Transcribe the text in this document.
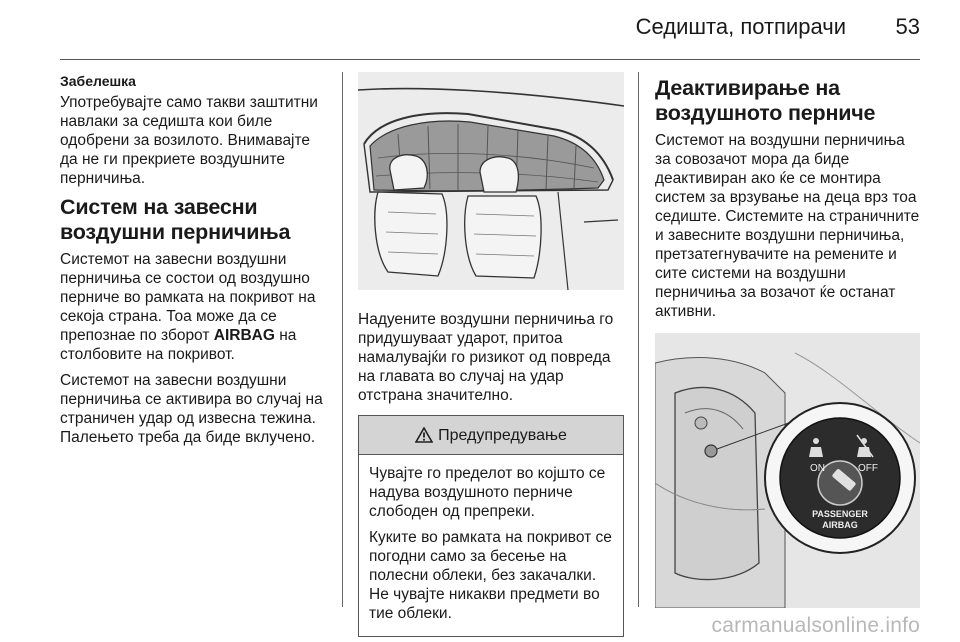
Седишта, потпирачи 53
Забелешка

Употребувајте само такви заштитни навлаки за седишта кои биле одобрени за возилото. Внимавајте да не ги прекриете воздушните перничиња.

Систем на завесни воздушни перничиња

Системот на завесни воздушни перничиња се состои од воздушно перниче во рамката на покривот на секоја страна. Тоа може да се препознае по зборот AIRBAG на столбовите на покривот.

Системот на завесни воздушни перничиња се активира во случај на страничен удар од извесна тежина. Палењето треба да биде вклучено.

Надуените воздушни перничиња го придушуваат ударот, притоа намалувајќи го ризикот од повреда на главата во случај на удар отстрана значително.

Предупредување

Чувајте го пределот во којшто се надува воздушното перниче слободен од препреки.

Куките во рамката на покривот се погодни само за бесење на полесни облеки, без закачалки. Не чувајте никакви предмети во тие облеки.

Деактивирање на воздушното перниче

Системот на воздушни перничиња за совозачот мора да биде деактивиран ако ќе се монтира систем за врзување на деца врз тоа седиште. Системите на страничните и завесните воздушни перничиња, претзатегнувачите на ремените и сите системи на воздушни перничиња за возачот ќе останат активни.

ON	OFF
PASSENGER
AIRBAG
carmanualsonline.info
